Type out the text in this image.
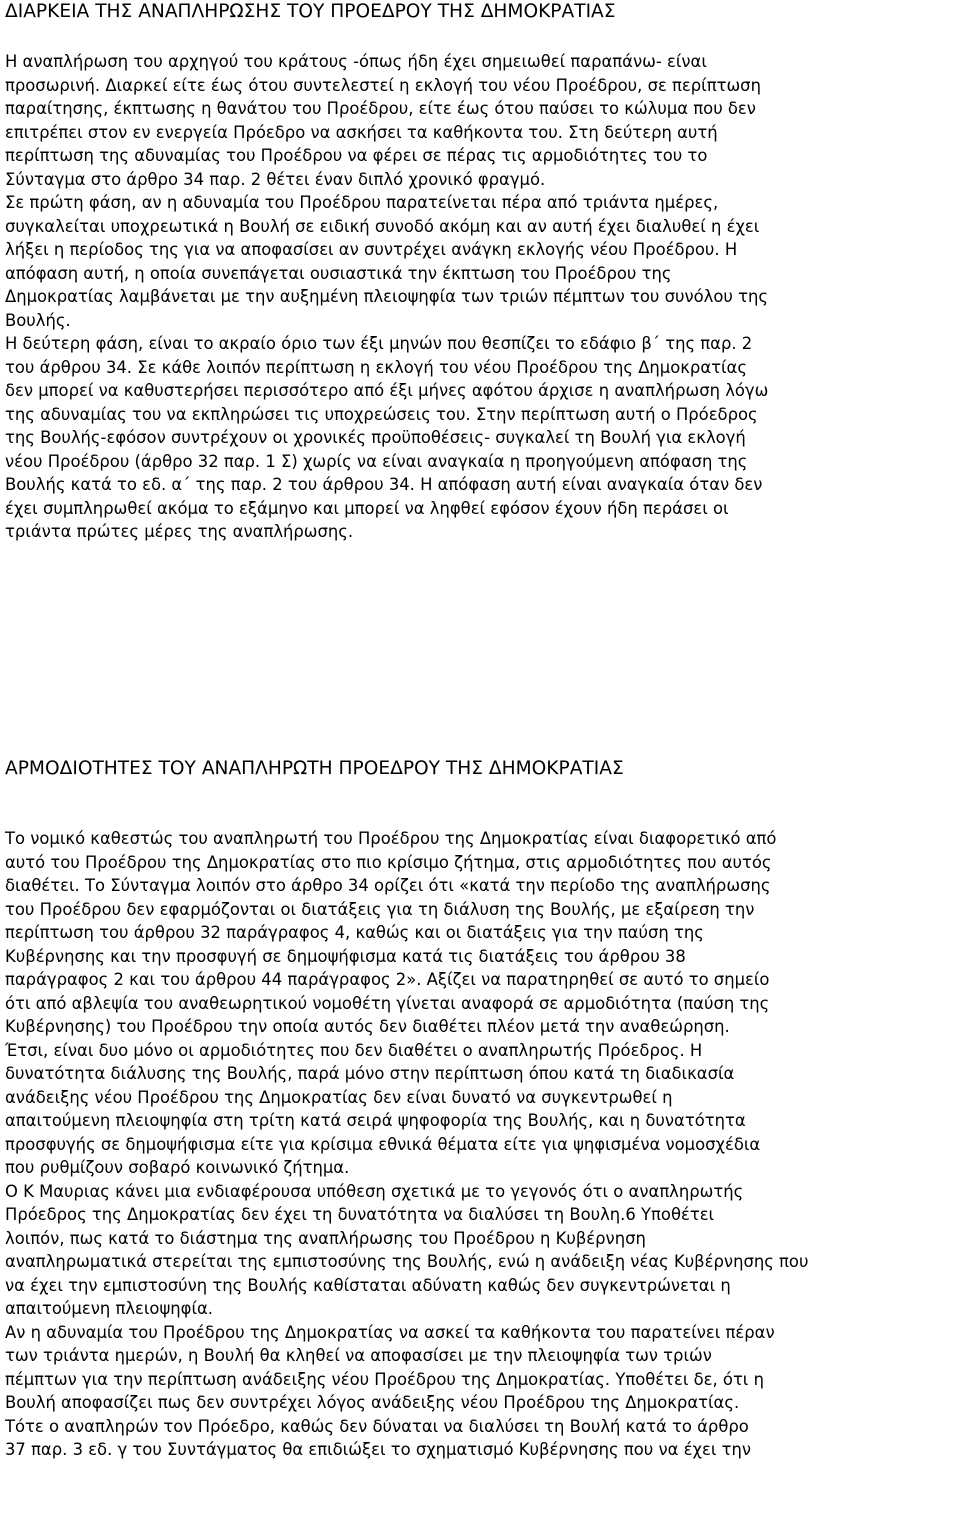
ΔΙΑΡΚΕΙΑ ΤΗΣ ΑΝΑΠΛΗΡΩΣΗΣ ΤΟΥ ΠΡΟΕΔΡΟΥ ΤΗΣ ΔΗΜΟΚΡΑΤΙΑΣ

Η αναπλήρωση του αρχηγού του κράτους -όπως ήδη έχει σημειωθεί παραπάνω- είναι

προσωρινή. Διαρκεί είτε έως ότου συντελεστεί η εκλογή του νέου Προέδρου, σε περίπτωση

παραίτησης, έκπτωσης η θανάτου του Προέδρου, είτε έως ότου παύσει το κώλυμα που δεν

επιτρέπει στον εν ενεργεία Πρόεδρο να ασκήσει τα καθήκοντα του. Στη δεύτερη αυτή

περίπτωση της αδυναμίας του Προέδρου να φέρει σε πέρας τις αρμοδιότητες του το

Σύνταγμα στο άρθρο 34 παρ. 2 θέτει έναν διπλό χρονικό φραγμό.

Σε πρώτη φάση, αν η αδυναμία του Προέδρου παρατείνεται πέρα από τριάντα ημέρες,

συγκαλείται υποχρεωτικά η Βουλή σε ειδική συνοδό ακόμη και αν αυτή έχει διαλυθεί η έχει

λήξει η περίοδος της για να αποφασίσει αν συντρέχει ανάγκη εκλογής νέου Προέδρου. Η

απόφαση αυτή, η οποία συνεπάγεται ουσιαστικά την έκπτωση του Προέδρου της

Δημοκρατίας λαμβάνεται με την αυξημένη πλειοψηφία των τριών πέμπτων του συνόλου της

Βουλής.

Η δεύτερη φάση, είναι το ακραίο όριο των έξι μηνών που θεσπίζει το εδάφιο β΄ της παρ. 2

του άρθρου 34. Σε κάθε λοιπόν περίπτωση η εκλογή του νέου Προέδρου της Δημοκρατίας

δεν μπορεί να καθυστερήσει περισσότερο από έξι μήνες αφότου άρχισε η αναπλήρωση λόγω

της αδυναμίας του να εκπληρώσει τις υποχρεώσεις του. Στην περίπτωση αυτή ο Πρόεδρος

της Βουλής-εφόσον συντρέχουν οι χρονικές προϋποθέσεις- συγκαλεί τη Βουλή για εκλογή

νέου Προέδρου (άρθρο 32 παρ. 1 Σ) χωρίς να είναι αναγκαία η προηγούμενη απόφαση της

Βουλής κατά το εδ. α΄ της παρ. 2 του άρθρου 34. Η απόφαση αυτή είναι αναγκαία όταν δεν

έχει συμπληρωθεί ακόμα το εξάμηνο και μπορεί να ληφθεί εφόσον έχουν ήδη περάσει οι

τριάντα πρώτες μέρες της αναπλήρωσης.

ΑΡΜΟΔΙΟΤΗΤΕΣ ΤΟΥ ΑΝΑΠΛΗΡΩΤΗ ΠΡΟΕΔΡΟΥ ΤΗΣ ΔΗΜΟΚΡΑΤΙΑΣ

Το νομικό καθεστώς του αναπληρωτή του Προέδρου της Δημοκρατίας είναι διαφορετικό από

αυτό του Προέδρου της Δημοκρατίας στο πιο κρίσιμο ζήτημα, στις αρμοδιότητες που αυτός

διαθέτει. Το Σύνταγμα λοιπόν στο άρθρο 34 ορίζει ότι «κατά την περίοδο της αναπλήρωσης

του Προέδρου δεν εφαρμόζονται οι διατάξεις για τη διάλυση της Βουλής, με εξαίρεση την

περίπτωση του άρθρου 32 παράγραφος 4, καθώς και οι διατάξεις για την παύση της

Κυβέρνησης και την προσφυγή σε δημοψήφισμα κατά τις διατάξεις του άρθρου 38

παράγραφος 2 και του άρθρου 44 παράγραφος 2». Αξίζει να παρατηρηθεί σε αυτό το σημείο

ότι από αβλεψία του αναθεωρητικού νομοθέτη γίνεται αναφορά σε αρμοδιότητα (παύση της

Κυβέρνησης) του Προέδρου την οποία αυτός δεν διαθέτει πλέον μετά την αναθεώρηση.

Έτσι, είναι δυο μόνο οι αρμοδιότητες που δεν διαθέτει ο αναπληρωτής Πρόεδρος. Η

δυνατότητα διάλυσης της Βουλής, παρά μόνο στην περίπτωση όπου κατά τη διαδικασία

ανάδειξης νέου Προέδρου της Δημοκρατίας δεν είναι δυνατό να συγκεντρωθεί η

απαιτούμενη πλειοψηφία στη τρίτη κατά σειρά ψηφοφορία της Βουλής, και η δυνατότητα

προσφυγής σε δημοψήφισμα είτε για κρίσιμα εθνικά θέματα είτε για ψηφισμένα νομοσχέδια

που ρυθμίζουν σοβαρό κοινωνικό ζήτημα.

Ο Κ Μαυριας κάνει μια ενδιαφέρουσα υπόθεση σχετικά με το γεγονός ότι ο αναπληρωτής

Πρόεδρος της Δημοκρατίας δεν έχει τη δυνατότητα να διαλύσει τη Βουλη.6 Υποθέτει

λοιπόν, πως κατά το διάστημα της αναπλήρωσης του Προέδρου η Κυβέρνηση

αναπληρωματικά στερείται της εμπιστοσύνης της Βουλής, ενώ η ανάδειξη νέας Κυβέρνησης που

να έχει την εμπιστοσύνη της Βουλής καθίσταται αδύνατη καθώς δεν συγκεντρώνεται η

απαιτούμενη πλειοψηφία.

Αν η αδυναμία του Προέδρου της Δημοκρατίας να ασκεί τα καθήκοντα του παρατείνει πέραν

των τριάντα ημερών, η Βουλή θα κληθεί να αποφασίσει με την πλειοψηφία των τριών

πέμπτων για την περίπτωση ανάδειξης νέου Προέδρου της Δημοκρατίας. Υποθέτει δε, ότι η

Βουλή αποφασίζει πως δεν συντρέχει λόγος ανάδειξης νέου Προέδρου της Δημοκρατίας.

Τότε ο αναπληρών τον Πρόεδρο, καθώς δεν δύναται να διαλύσει τη Βουλή κατά το άρθρο

37 παρ. 3 εδ. γ του Συντάγματος θα επιδιώξει το σχηματισμό Κυβέρνησης που να έχει την
